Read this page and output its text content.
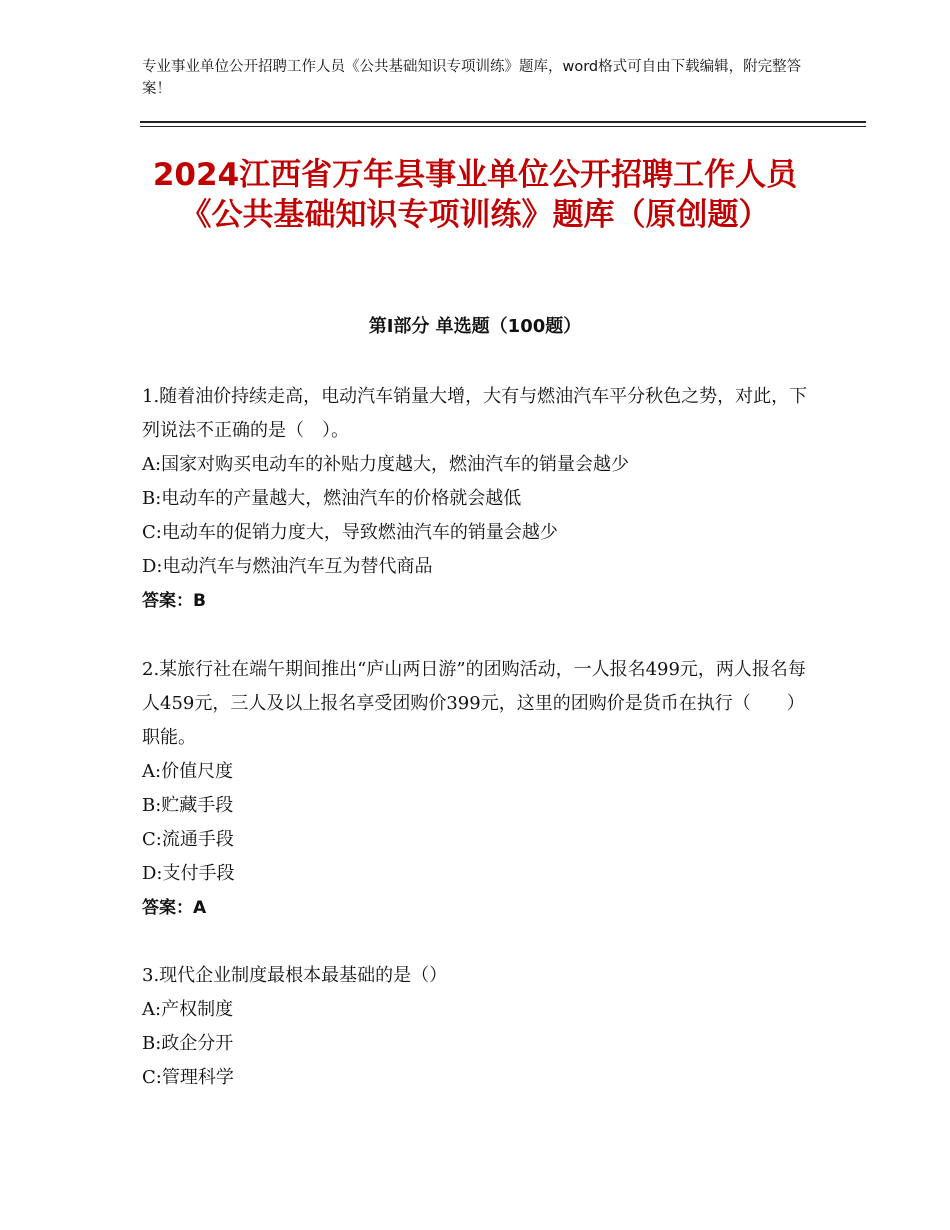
专业事业单位公开招聘工作人员《公共基础知识专项训练》题库，word格式可自由下载编辑，附完整答案！
2024江西省万年县事业单位公开招聘工作人员《公共基础知识专项训练》题库（原创题）
第Ⅰ部分 单选题（100题）

1.随着油价持续走高，电动汽车销量大增，大有与燃油汽车平分秋色之势，对此，下列说法不正确的是（　）。

A:国家对购买电动车的补贴力度越大，燃油汽车的销量会越少

B:电动车的产量越大，燃油汽车的价格就会越低

C:电动车的促销力度大，导致燃油汽车的销量会越少

D:电动汽车与燃油汽车互为替代商品

答案：B

2.某旅行社在端午期间推出“庐山两日游”的团购活动，一人报名499元，两人报名每人459元，三人及以上报名享受团购价399元，这里的团购价是货币在执行（　　）职能。

A:价值尺度

B:贮藏手段

C:流通手段

D:支付手段

答案：A

3.现代企业制度最根本最基础的是（）

A:产权制度

B:政企分开

C:管理科学
